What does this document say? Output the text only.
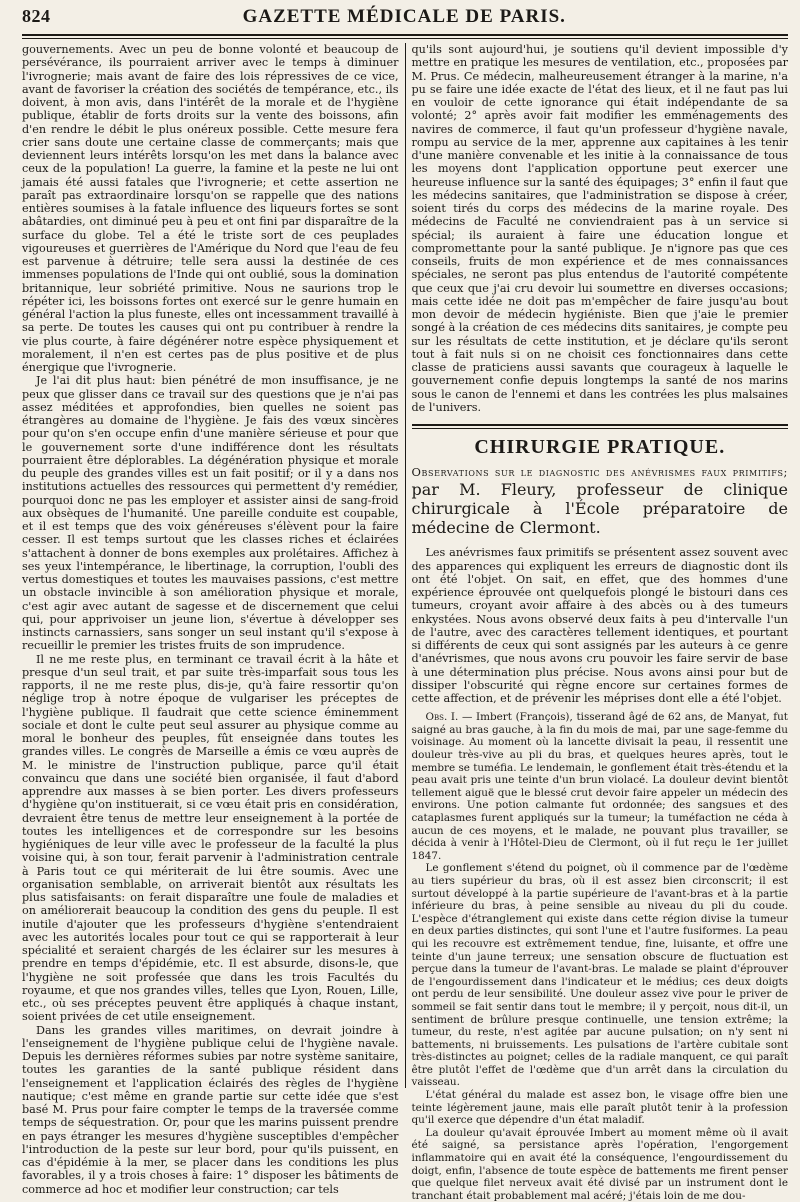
824	GAZETTE MÉDICALE DE PARIS.

gouvernements. Avec un peu de bonne volonté et beaucoup de persévérance, ils pourraient arriver avec le temps à diminuer l'ivrognerie; mais avant de faire des lois répressives de ce vice, avant de favoriser la création des sociétés de tempérance, etc., ils doivent, à mon avis, dans l'intérêt de la morale et de l'hygiène publique, établir de forts droits sur la vente des boissons, afin d'en rendre le débit le plus onéreux possible. Cette mesure fera crier sans doute une certaine classe de commerçants; mais que deviennent leurs intérêts lorsqu'on les met dans la balance avec ceux de la population! La guerre, la famine et la peste ne lui ont jamais été aussi fatales que l'ivrognerie; et cette assertion ne paraît pas extraordinaire lorsqu'on se rappelle que des nations entières soumises à la fatale influence des liqueurs fortes se sont abâtardies, ont diminué peu à peu et ont fini par disparaître de la surface du globe. Tel a été le triste sort de ces peuplades vigoureuses et guerrières de l'Amérique du Nord que l'eau de feu est parvenue à détruire; telle sera aussi la destinée de ces immenses populations de l'Inde qui ont oublié, sous la domination britannique, leur sobriété primitive. Nous ne saurions trop le répéter ici, les boissons fortes ont exercé sur le genre humain en général l'action la plus funeste, elles ont incessamment travaillé à sa perte. De toutes les causes qui ont pu contribuer à rendre la vie plus courte, à faire dégénérer notre espèce physiquement et moralement, il n'en est certes pas de plus positive et de plus énergique que l'ivrognerie.

Je l'ai dit plus haut: bien pénétré de mon insuffisance, je ne peux que glisser dans ce travail sur des questions que je n'ai pas assez méditées et approfondies, bien quelles ne soient pas étrangères au domaine de l'hygiène. Je fais des vœux sincères pour qu'on s'en occupe enfin d'une manière sérieuse et pour que le gouvernement sorte d'une indifférence dont les résultats pourraient être déplorables. La dégénération physique et morale du peuple des grandes villes est un fait positif; or il y a dans nos institutions actuelles des ressources qui permettent d'y remédier, pourquoi donc ne pas les employer et assister ainsi de sang-froid aux obsèques de l'humanité. Une pareille conduite est coupable, et il est temps que des voix généreuses s'élèvent pour la faire cesser. Il est temps surtout que les classes riches et éclairées s'attachent à donner de bons exemples aux prolétaires. Affichez à ses yeux l'intempérance, le libertinage, la corruption, l'oubli des vertus domestiques et toutes les mauvaises passions, c'est mettre un obstacle invincible à son amélioration physique et morale, c'est agir avec autant de sagesse et de discernement que celui qui, pour apprivoiser un jeune lion, s'évertue à développer ses instincts carnassiers, sans songer un seul instant qu'il s'expose à recueillir le premier les tristes fruits de son imprudence.

Il ne me reste plus, en terminant ce travail écrit à la hâte et presque d'un seul trait, et par suite très-imparfait sous tous les rapports, il ne me reste plus, dis-je, qu'à faire ressortir qu'on néglige trop à notre époque de vulgariser les préceptes de l'hygiène publique. Il faudrait que cette science éminemment sociale et dont le culte peut seul assurer au physique comme au moral le bonheur des peuples, fût enseignée dans toutes les grandes villes. Le congrès de Marseille a émis ce vœu auprès de M. le ministre de l'instruction publique, parce qu'il était convaincu que dans une société bien organisée, il faut d'abord apprendre aux masses à se bien porter. Les divers professeurs d'hygiène qu'on instituerait, si ce vœu était pris en considération, devraient être tenus de mettre leur enseignement à la portée de toutes les intelligences et de correspondre sur les besoins hygiéniques de leur ville avec le professeur de la faculté la plus voisine qui, à son tour, ferait parvenir à l'administration centrale à Paris tout ce qui mériterait de lui être soumis. Avec une organisation semblable, on arriverait bientôt aux résultats les plus satisfaisants: on ferait disparaître une foule de maladies et on améliorerait beaucoup la condition des gens du peuple. Il est inutile d'ajouter que les professeurs d'hygiène s'entendraient avec les autorités locales pour tout ce qui se rapporterait à leur spécialité et seraient chargés de les éclairer sur les mesures à prendre en temps d'épidémie, etc. Il est absurde, disons-le, que l'hygiène ne soit professée que dans les trois Facultés du royaume, et que nos grandes villes, telles que Lyon, Rouen, Lille, etc., où ses préceptes peuvent être appliqués à chaque instant, soient privées de cet utile enseignement.

Dans les grandes villes maritimes, on devrait joindre à l'enseignement de l'hygiène publique celui de l'hygiène navale. Depuis les dernières réformes subies par notre système sanitaire, toutes les garanties de la santé publique résident dans l'enseignement et l'application éclairés des règles de l'hygiène nautique; c'est même en grande partie sur cette idée que s'est basé M. Prus pour faire compter le temps de la traversée comme temps de séquestration. Or, pour que les marins puissent prendre en pays étranger les mesures d'hygiène susceptibles d'empêcher l'introduction de la peste sur leur bord, pour qu'ils puissent, en cas d'épidémie à la mer, se placer dans les conditions les plus favorables, il y a trois choses à faire: 1° disposer les bâtiments de commerce ad hoc et modifier leur construction; car tels

qu'ils sont aujourd'hui, je soutiens qu'il devient impossible d'y mettre en pratique les mesures de ventilation, etc., proposées par M. Prus. Ce médecin, malheureusement étranger à la marine, n'a pu se faire une idée exacte de l'état des lieux, et il ne faut pas lui en vouloir de cette ignorance qui était indépendante de sa volonté; 2° après avoir fait modifier les emménagements des navires de commerce, il faut qu'un professeur d'hygiène navale, rompu au service de la mer, apprenne aux capitaines à les tenir d'une manière convenable et les initie à la connaissance de tous les moyens dont l'application opportune peut exercer une heureuse influence sur la santé des équipages; 3° enfin il faut que les médecins sanitaires, que l'administration se dispose à créer, soient tirés du corps des médecins de la marine royale. Des médecins de Faculté ne conviendraient pas à un service si spécial; ils auraient à faire une éducation longue et compromettante pour la santé publique. Je n'ignore pas que ces conseils, fruits de mon expérience et de mes connaissances spéciales, ne seront pas plus entendus de l'autorité compétente que ceux que j'ai cru devoir lui soumettre en diverses occasions; mais cette idée ne doit pas m'empêcher de faire jusqu'au bout mon devoir de médecin hygiéniste. Bien que j'aie le premier songé à la création de ces médecins dits sanitaires, je compte peu sur les résultats de cette institution, et je déclare qu'ils seront tout à fait nuls si on ne choisit ces fonctionnaires dans cette classe de praticiens aussi savants que courageux à laquelle le gouvernement confie depuis longtemps la santé de nos marins sous le canon de l'ennemi et dans les contrées les plus malsaines de l'univers.

CHIRURGIE PRATIQUE.
Observations sur le diagnostic des anévrismes faux primitifs; par M. Fleury, professeur de clinique chirurgicale à l'École préparatoire de médecine de Clermont.

Les anévrismes faux primitifs se présentent assez souvent avec des apparences qui expliquent les erreurs de diagnostic dont ils ont été l'objet. On sait, en effet, que des hommes d'une expérience éprouvée ont quelquefois plongé le bistouri dans ces tumeurs, croyant avoir affaire à des abcès ou à des tumeurs enkystées. Nous avons observé deux faits à peu d'intervalle l'un de l'autre, avec des caractères tellement identiques, et pourtant si différents de ceux qui sont assignés par les auteurs à ce genre d'anévrismes, que nous avons cru pouvoir les faire servir de base à une détermination plus précise. Nous avons ainsi pour but de dissiper l'obscurité qui règne encore sur certaines formes de cette affection, et de prévenir les méprises dont elle a été l'objet.

Obs. I. — Imbert (François), tisserand âgé de 62 ans, de Manyat, fut saigné au bras gauche, à la fin du mois de mai, par une sage-femme du voisinage. Au moment où la lancette divisait la peau, il ressentit une douleur très-vive au pli du bras, et quelques heures après, tout le membre se tuméfia. Le lendemain, le gonflement était très-étendu et la peau avait pris une teinte d'un brun violacé. La douleur devint bientôt tellement aiguë que le blessé crut devoir faire appeler un médecin des environs. Une potion calmante fut ordonnée; des sangsues et des cataplasmes furent appliqués sur la tumeur; la tuméfaction ne céda à aucun de ces moyens, et le malade, ne pouvant plus travailler, se décida à venir à l'Hôtel-Dieu de Clermont, où il fut reçu le 1er juillet 1847.

Le gonflement s'étend du poignet, où il commence par de l'œdème au tiers supérieur du bras, où il est assez bien circonscrit; il est surtout développé à la partie supérieure de l'avant-bras et à la partie inférieure du bras, à peine sensible au niveau du pli du coude. L'espèce d'étranglement qui existe dans cette région divise la tumeur en deux parties distinctes, qui sont l'une et l'autre fusiformes. La peau qui les recouvre est extrêmement tendue, fine, luisante, et offre une teinte d'un jaune terreux; une sensation obscure de fluctuation est perçue dans la tumeur de l'avant-bras. Le malade se plaint d'éprouver de l'engourdissement dans l'indicateur et le médius; ces deux doigts ont perdu de leur sensibilité. Une douleur assez vive pour le priver de sommeil se fait sentir dans tout le membre; il y perçoit, nous dit-il, un sentiment de brûlure presque continuelle, une tension extrême; la tumeur, du reste, n'est agitée par aucune pulsation; on n'y sent ni battements, ni bruissements. Les pulsations de l'artère cubitale sont très-distinctes au poignet; celles de la radiale manquent, ce qui paraît être plutôt l'effet de l'œdème que d'un arrêt dans la circulation du vaisseau.

L'état général du malade est assez bon, le visage offre bien une teinte légèrement jaune, mais elle paraît plutôt tenir à la profession qu'il exerce que dépendre d'un état maladif.

La douleur qu'avait éprouvée Imbert au moment même où il avait été saigné, sa persistance après l'opération, l'engorgement inflammatoire qui en avait été la conséquence, l'engourdissement du doigt, enfin, l'absence de toute espèce de battements me firent penser que quelque filet nerveux avait été divisé par un instrument dont le tranchant était probablement mal acéré; j'étais loin de me dou-
